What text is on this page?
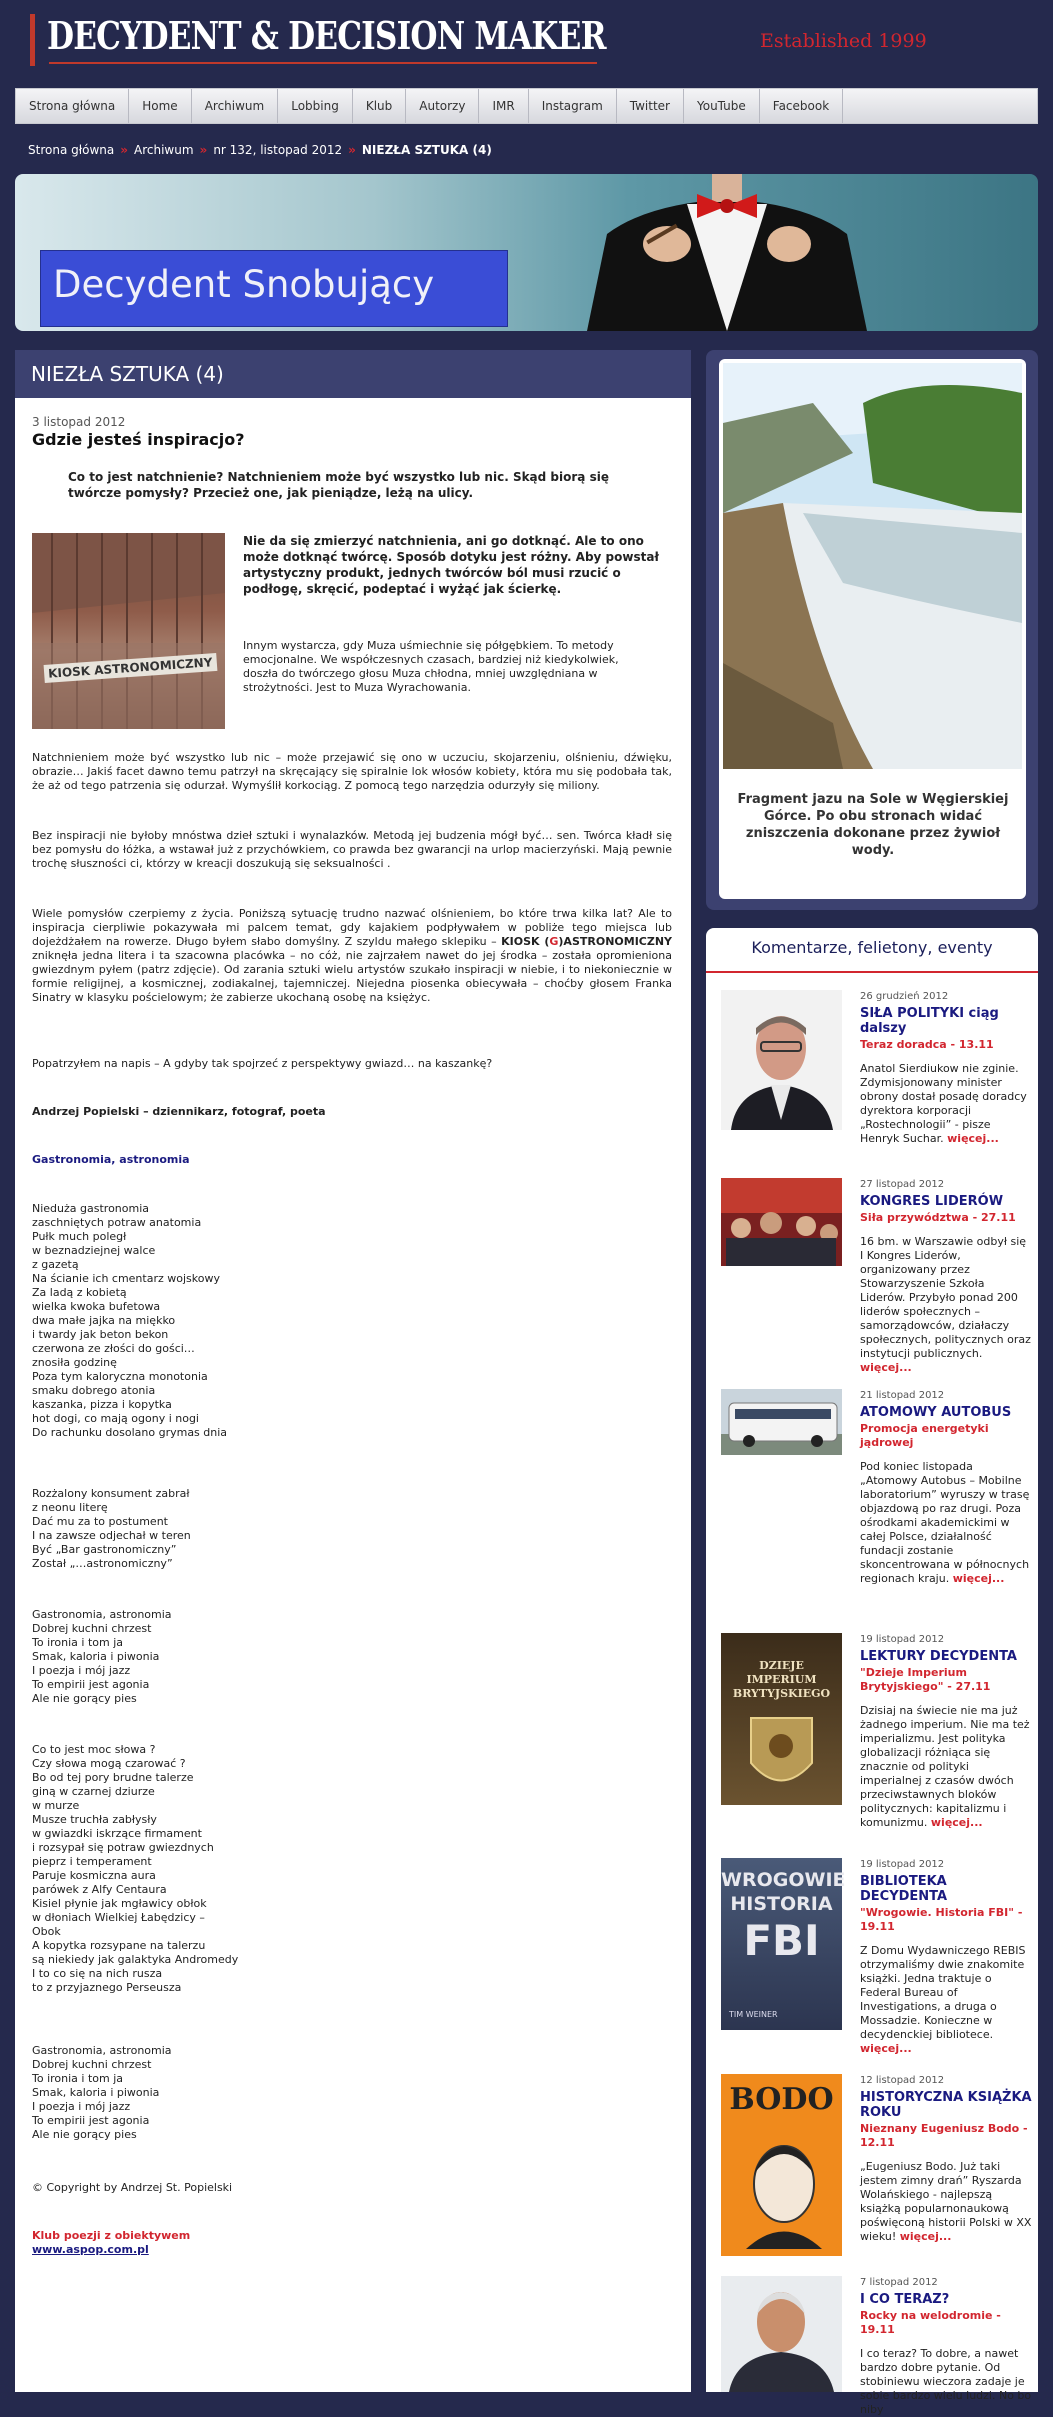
DECYDENT & DECISION MAKER	Established 1999
Strona główna	Home	Archiwum	Lobbing	Klub	Autorzy	IMR	Instagram	Twitter	YouTube	Facebook
Strona główna » Archiwum » nr 132, listopad 2012 » NIEZŁA SZTUKA (4)
Decydent Snobujący
NIEZŁA SZTUKA (4)
3 listopad 2012
Gdzie jesteś inspiracjo?
Co to jest natchnienie? Natchnieniem może być wszystko lub nic. Skąd biorą się twórcze pomysły? Przecież one, jak pieniądze, leżą na ulicy.
KIOSK ASTRONOMICZNY
Nie da się zmierzyć natchnienia, ani go dotknąć. Ale to ono może dotknąć twórcę. Sposób dotyku jest różny. Aby powstał artystyczny produkt, jednych twórców ból musi rzucić o podłogę, skręcić, podeptać i wyżąć jak ścierkę.
Innym wystarcza, gdy Muza uśmiechnie się półgębkiem. To metody emocjonalne. We współczesnych czasach, bardziej niż kiedykolwiek, doszła do twórczego głosu Muza chłodna, mniej uwzględniana w strożytności. Jest to Muza Wyrachowania.
Natchnieniem może być wszystko lub nic – może przejawić się ono w uczuciu, skojarzeniu, olśnieniu, dźwięku, obrazie… Jakiś facet dawno temu patrzył na skręcający się spiralnie lok włosów kobiety, która mu się podobała tak, że aż od tego patrzenia się odurzał. Wymyślił korkociąg. Z pomocą tego narzędzia odurzyły się miliony.
Bez inspiracji nie byłoby mnóstwa dzieł sztuki i wynalazków. Metodą jej budzenia mógł być… sen. Twórca kładł się bez pomysłu do łóżka, a wstawał już z przychówkiem, co prawda bez gwarancji na urlop macierzyński. Mają pewnie trochę słuszności ci, którzy w kreacji doszukują się seksualności .
Wiele pomysłów czerpiemy z życia. Poniższą sytuację trudno nazwać olśnieniem, bo które trwa kilka lat? Ale to inspiracja cierpliwie pokazywała mi palcem temat, gdy kajakiem podpływałem w pobliże tego miejsca lub dojeżdżałem na rowerze. Długo byłem słabo domyślny. Z szyldu małego sklepiku – KIOSK (G)ASTRONOMICZNY zniknęła jedna litera i ta szacowna placówka – no cóż, nie zajrzałem nawet do jej środka – została opromieniona gwiezdnym pyłem (patrz zdjęcie). Od zarania sztuki wielu artystów szukało inspiracji w niebie, i to niekoniecznie w formie religijnej, a kosmicznej, zodiakalnej, tajemniczej. Niejedna piosenka obiecywała – choćby głosem Franka Sinatry w klasyku pościelowym; że zabierze ukochaną osobę na księżyc.
Popatrzyłem na napis – A gdyby tak spojrzeć z perspektywy gwiazd… na kaszankę?
Andrzej Popielski – dziennikarz, fotograf, poeta
Gastronomia, astronomia
Nieduża gastronomia
zaschniętych potraw anatomia
Pułk much poległ
w beznadziejnej walce
z gazetą
Na ścianie ich cmentarz wojskowy
Za ladą z kobietą
wielka kwoka bufetowa
dwa małe jajka na miękko
i twardy jak beton bekon
czerwona ze złości do gości…
znosiła godzinę
Poza tym kaloryczna monotonia
smaku dobrego atonia
kaszanka, pizza i kopytka
hot dogi, co mają ogony i nogi
Do rachunku dosolano grymas dnia
Rozżalony konsument zabrał
z neonu literę
Dać mu za to postument
I na zawsze odjechał w teren
Być „Bar gastronomiczny”
Został „…astronomiczny”
Gastronomia, astronomia
Dobrej kuchni chrzest
To ironia i tom ja
Smak, kaloria i piwonia
I poezja i mój jazz
To empirii jest agonia
Ale nie gorący pies
Co to jest moc słowa ?
Czy słowa mogą czarować ?
Bo od tej pory brudne talerze
giną w czarnej dziurze
w murze
Musze truchła zabłysły
w gwiazdki iskrzące firmament
i rozsypał się potraw gwiezdnych
pieprz i temperament
Paruje kosmiczna aura
parówek z Alfy Centaura
Kisiel płynie jak mgławicy obłok
w dłoniach Wielkiej Łabędzicy –
Obok
A kopytka rozsypane na talerzu
są niekiedy jak galaktyka Andromedy
I to co się na nich rusza
to z przyjaznego Perseusza
Gastronomia, astronomia
Dobrej kuchni chrzest
To ironia i tom ja
Smak, kaloria i piwonia
I poezja i mój jazz
To empirii jest agonia
Ale nie gorący pies
© Copyright by Andrzej St. Popielski
Klub poezji z obiektywem
www.aspop.com.pl
Fragment jazu na Sole w Węgierskiej Górce. Po obu stronach widać zniszczenia dokonane przez żywioł wody.
Komentarze, felietony, eventy
26 grudzień 2012
SIŁA POLITYKI ciąg dalszy
Teraz doradca - 13.11
Anatol Sierdiukow nie zginie. Zdymisjonowany minister obrony dostał posadę doradcy dyrektora korporacji „Rostechnologii” - pisze Henryk Suchar. więcej...
27 listopad 2012
KONGRES LIDERÓW
Siła przywództwa - 27.11
16 bm. w Warszawie odbył się I Kongres Liderów, organizowany przez Stowarzyszenie Szkoła Liderów. Przybyło ponad 200 liderów społecznych – samorządowców, działaczy społecznych, politycznych oraz instytucji publicznych. więcej...
21 listopad 2012
ATOMOWY AUTOBUS
Promocja energetyki jądrowej
Pod koniec listopada „Atomowy Autobus – Mobilne laboratorium” wyruszy w trasę objazdową po raz drugi. Poza ośrodkami akademickimi w całej Polsce, działalność fundacji zostanie skoncentrowana w północnych regionach kraju. więcej...
DZIEJE IMPERIUM BRYTYJSKIEGO
19 listopad 2012
LEKTURY DECYDENTA
"Dzieje Imperium Brytyjskiego" - 27.11
Dzisiaj na świecie nie ma już żadnego imperium. Nie ma też imperializmu. Jest polityka globalizacji różniąca się znacznie od polityki imperialnej z czasów dwóch przeciwstawnych bloków politycznych: kapitalizmu i komunizmu. więcej...
WROGOWIE
HISTORIA
FBI
TIM WEINER
19 listopad 2012
BIBLIOTEKA DECYDENTA
"Wrogowie. Historia FBI" - 19.11
Z Domu Wydawniczego REBIS otrzymaliśmy dwie znakomite książki. Jedna traktuje o Federal Bureau of Investigations, a druga o Mossadzie. Konieczne w decydenckiej bibliotece. więcej...
BODO
12 listopad 2012
HISTORYCZNA KSIĄŻKA ROKU
Nieznany Eugeniusz Bodo - 12.11
„Eugeniusz Bodo. Już taki jestem zimny drań” Ryszarda Wolańskiego - najlepszą książką popularnonaukową poświęconą historii Polski w XX wieku! więcej...
7 listopad 2012
I CO TERAZ?
Rocky na welodromie - 19.11
I co teraz? To dobre, a nawet bardzo dobre pytanie. Od stobiniewu wieczora zadaje je sobie bardzo wielu ludzi. No bo niby
